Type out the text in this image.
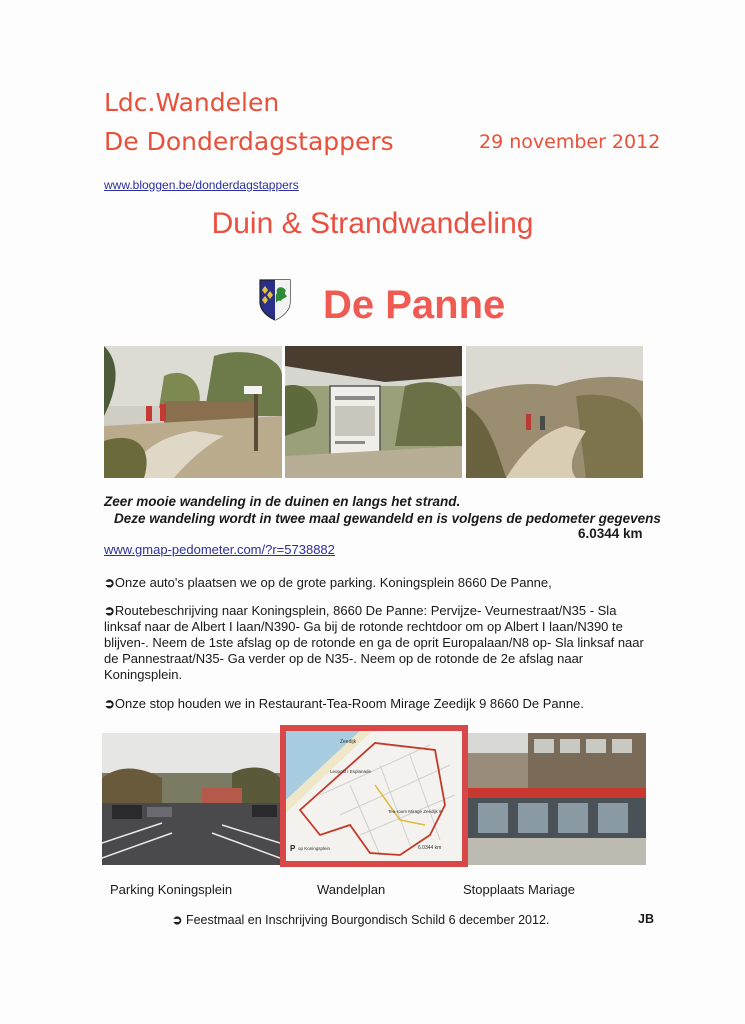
Ldc.Wandelen
De Donderdagstappers	29 november 2012
www.bloggen.be/donderdagstappers
Duin & Strandwandeling
De Panne
Zeer mooie wandeling in de duinen en langs het strand.
Deze wandeling wordt in twee maal gewandeld en is volgens de pedometer gegevens
6.0344 km
www.gmap-pedometer.com/?r=5738882
➲Onze auto's plaatsen we op de grote parking. Koningsplein 8660 De Panne,
➲Routebeschrijving naar Koningsplein, 8660 De Panne: Pervijze- Veurnestraat/N35 - Sla linksaf naar de Albert I laan/N390- Ga bij de rotonde rechtdoor om op Albert I laan/N390 te blijven-. Neem de 1ste afslag op de rotonde en ga de oprit Europalaan/N8 op- Sla linksaf naar de Pannestraat/N35- Ga verder op de N35-. Neem op de rotonde de 2e afslag naar Koningsplein.
➲Onze stop houden we in Restaurant-Tea-Room Mirage Zeedijk 9 8660 De Panne.
Zeedijk
Leopold I Esplanade
Tea-room Mirage Zeedijk 9
P op Koningsplein	6.0344 km
Parking Koningsplein	Wandelplan	Stopplaats Mariage
➲ Feestmaal en Inschrijving Bourgondisch Schild 6 december 2012.	JB
